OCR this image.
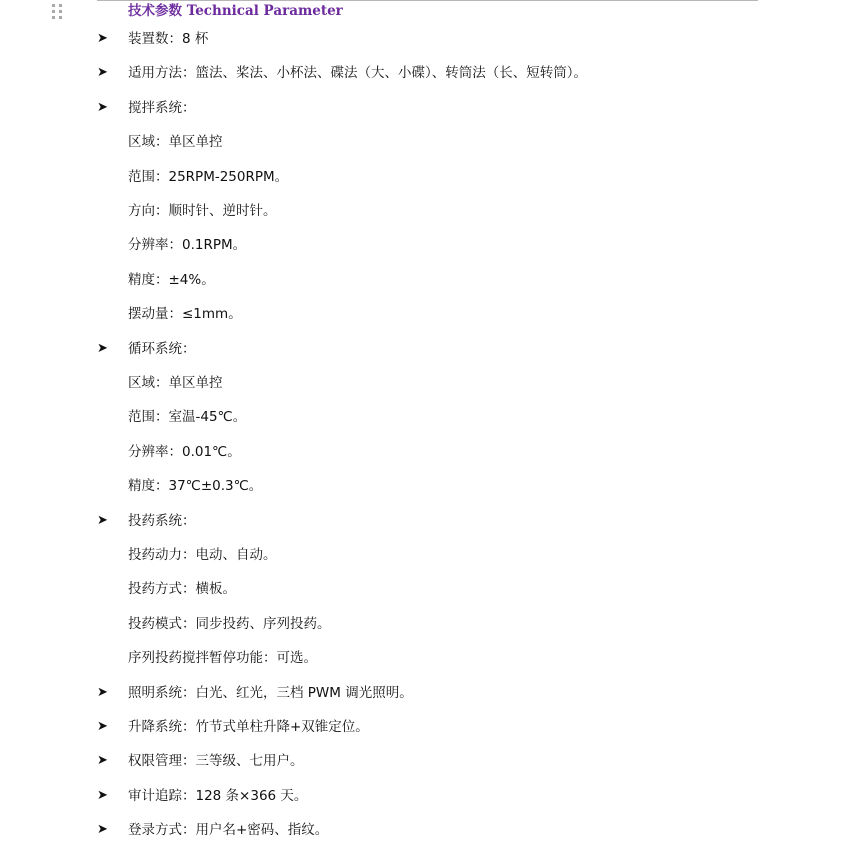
技术参数 Technical Parameter
➤ 装置数：8 杯
➤ 适用方法：篮法、桨法、小杯法、碟法（大、小碟）、转筒法（长、短转筒）。
➤ 搅拌系统：
区域：单区单控
范围：25RPM-250RPM。
方向：顺时针、逆时针。
分辨率：0.1RPM。
精度：±4%。
摆动量：≤1mm。
➤ 循环系统：
区域：单区单控
范围：室温-45℃。
分辨率：0.01℃。
精度：37℃±0.3℃。
➤ 投药系统：
投药动力：电动、自动。
投药方式：横板。
投药模式：同步投药、序列投药。
序列投药搅拌暂停功能：可选。
➤ 照明系统：白光、红光，三档 PWM 调光照明。
➤ 升降系统：竹节式单柱升降+双锥定位。
➤ 权限管理：三等级、七用户。
➤ 审计追踪：128 条×366 天。
➤ 登录方式：用户名+密码、指纹。
